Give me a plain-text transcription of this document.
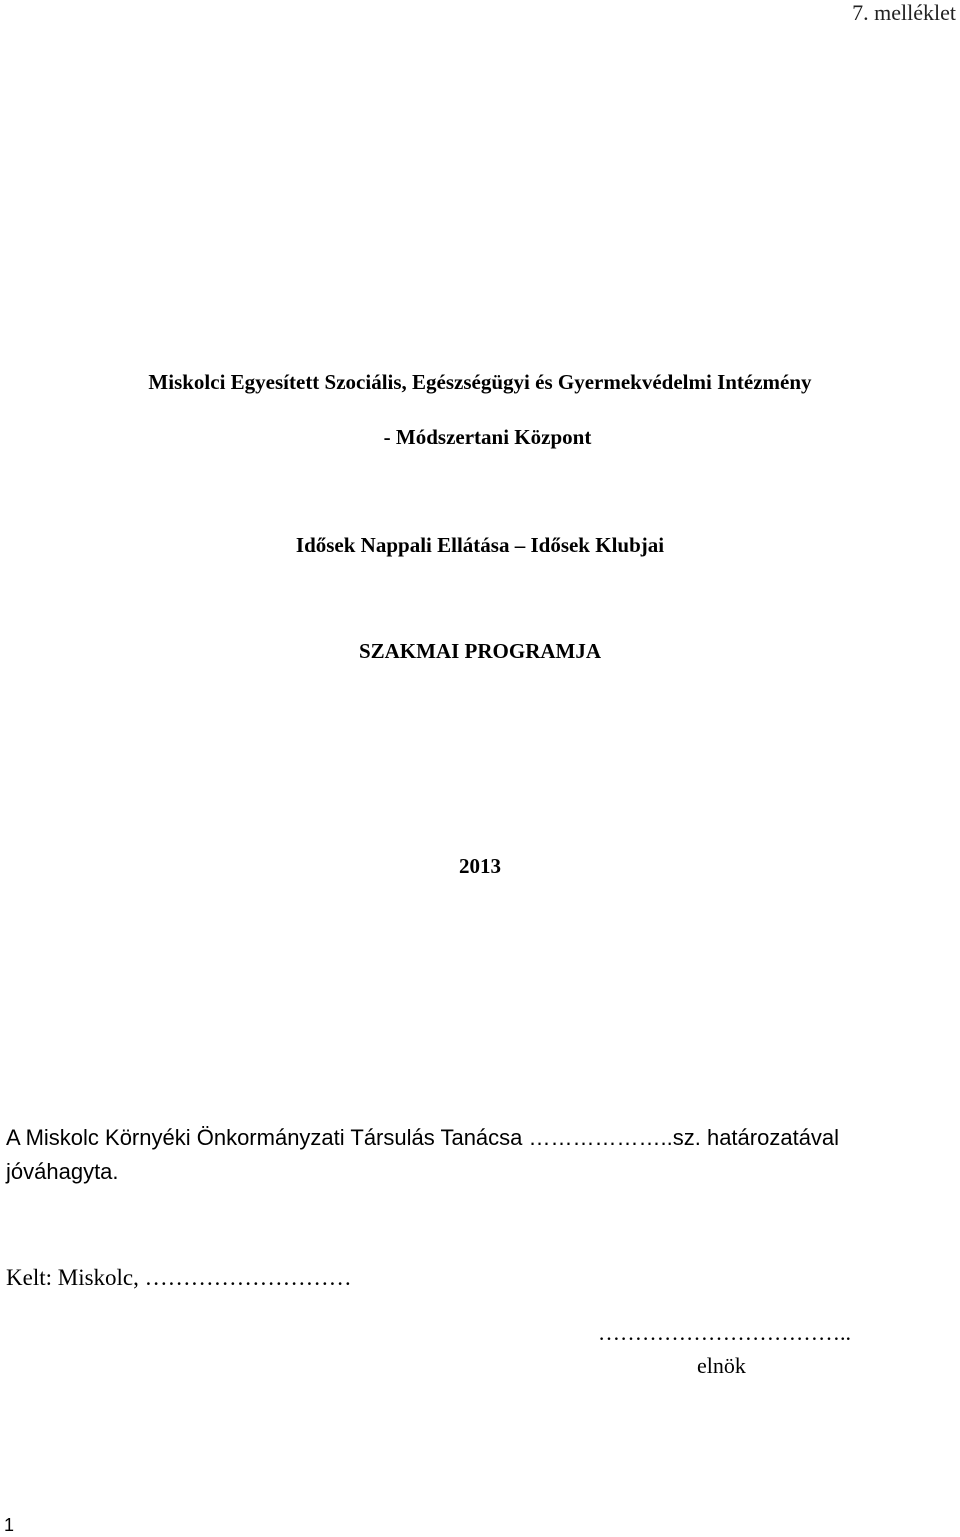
7. melléklet
Miskolci Egyesített Szociális, Egészségügyi és Gyermekvédelmi Intézmény
- Módszertani Központ
Idősek Nappali Ellátása – Idősek Klubjai
SZAKMAI PROGRAMJA
2013

A Miskolc Környéki Önkormányzati Társulás Tanácsa ………………..sz. határozatával jóváhagyta.

Kelt: Miskolc, ………………………
……………………………..
elnök
1
